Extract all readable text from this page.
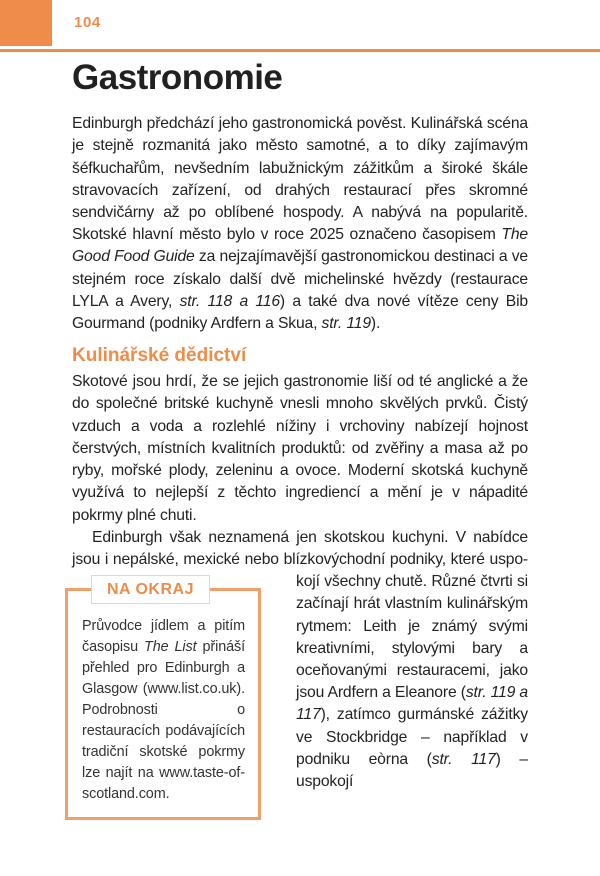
104
Gastronomie

Edinburgh předchází jeho gastronomická pověst. Kulinářská scéna je stejně rozmanitá jako město samotné, a to díky zajímavým šéfkuchařům, nevšedním labužnickým zážitkům a široké škále stravovacích zařízení, od drahých restaurací přes skromné sendvičárny až po oblíbené hospody. A nabývá na popularitě. Skotské hlavní město bylo v roce 2025 označeno časopisem The Good Food Guide za nejzajímavější gastronomickou destinaci a ve stejném roce získalo další dvě michelinské hvězdy (restaurace LYLA a Avery, str. 118 a 116) a také dva nové vítěze ceny Bib Gourmand (podniky Ardfern a Skua, str. 119).

Kulinářské dědictví

Skotové jsou hrdí, že se jejich gastronomie liší od té anglické a že do společné britské kuchyně vnesli mnoho skvělých prvků. Čistý vzduch a voda a rozlehlé nížiny i vrchoviny nabízejí hojnost čerstvých, místních kvalitních produktů: od zvěřiny a masa až po ryby, mořské plody, zeleninu a ovoce. Moderní skotská kuchyně využívá to nejlepší z těchto ingrediencí a mění je v nápadité pokrmy plné chuti.

Edinburgh však neznamená jen skotskou kuchyni. V nabídce jsou i nepálské, mexické nebo blízkovýchodní podniky, které uspo-

NA OKRAJ

Průvodce jídlem a pitím časopisu The List přináší přehled pro Edinburgh a Glasgow (www.list.co.uk). Podrobnosti o restauracích podávajících tradiční skotské pokrmy lze najít na www.taste-of-scotland.com.

kojí všechny chutě. Různé čtvrti si začínají hrát vlastním kulinářským rytmem: Leith je známý svými kreativními, stylovými bary a oceňovanými restauracemi, jako jsou Ardfern a Eleanore (str. 119 a 117), zatímco gurmánské zážitky ve Stockbridge – například v podniku eòrna (str. 117) – uspokojí
